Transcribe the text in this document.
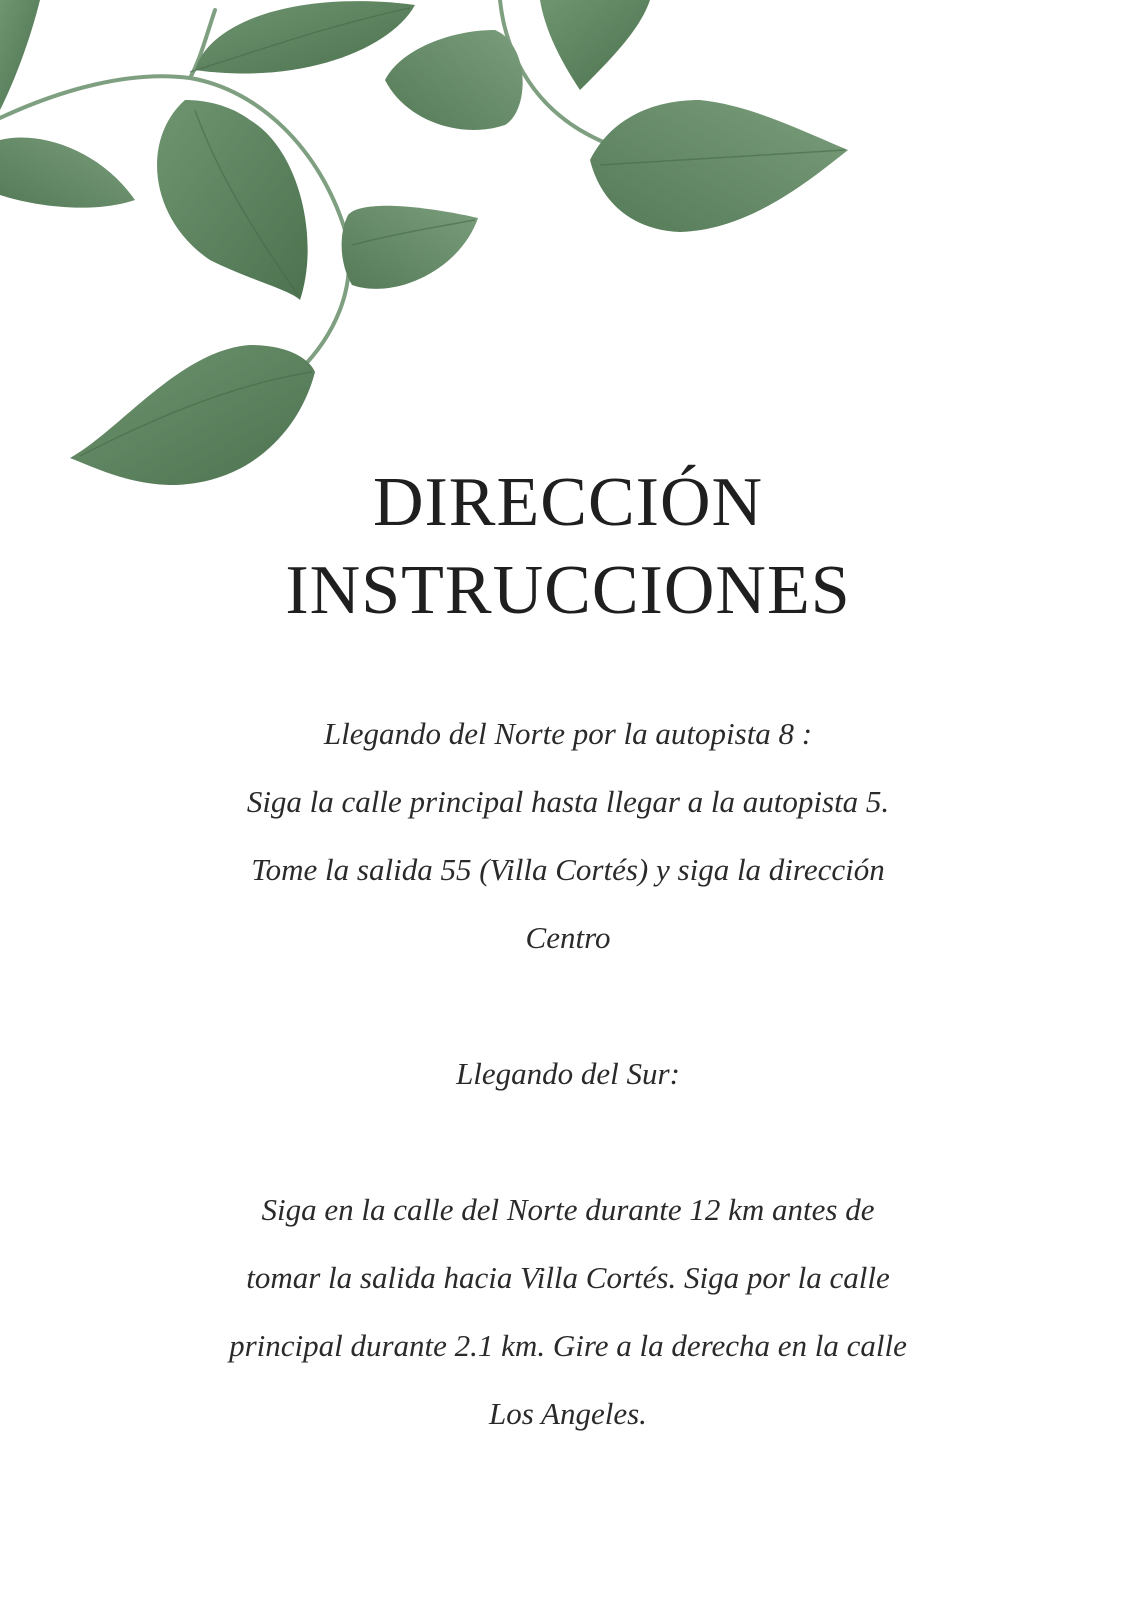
DIRECCIÓN
INSTRUCCIONES

Llegando del Norte por la autopista 8 :

Siga la calle principal hasta llegar a la autopista 5.

Tome la salida 55 (Villa Cortés) y siga la dirección

Centro

Llegando del Sur:

Siga en la calle del Norte durante 12 km antes de

tomar la salida hacia Villa Cortés. Siga por la calle

principal durante 2.1 km. Gire a la derecha en la calle

Los Angeles.
